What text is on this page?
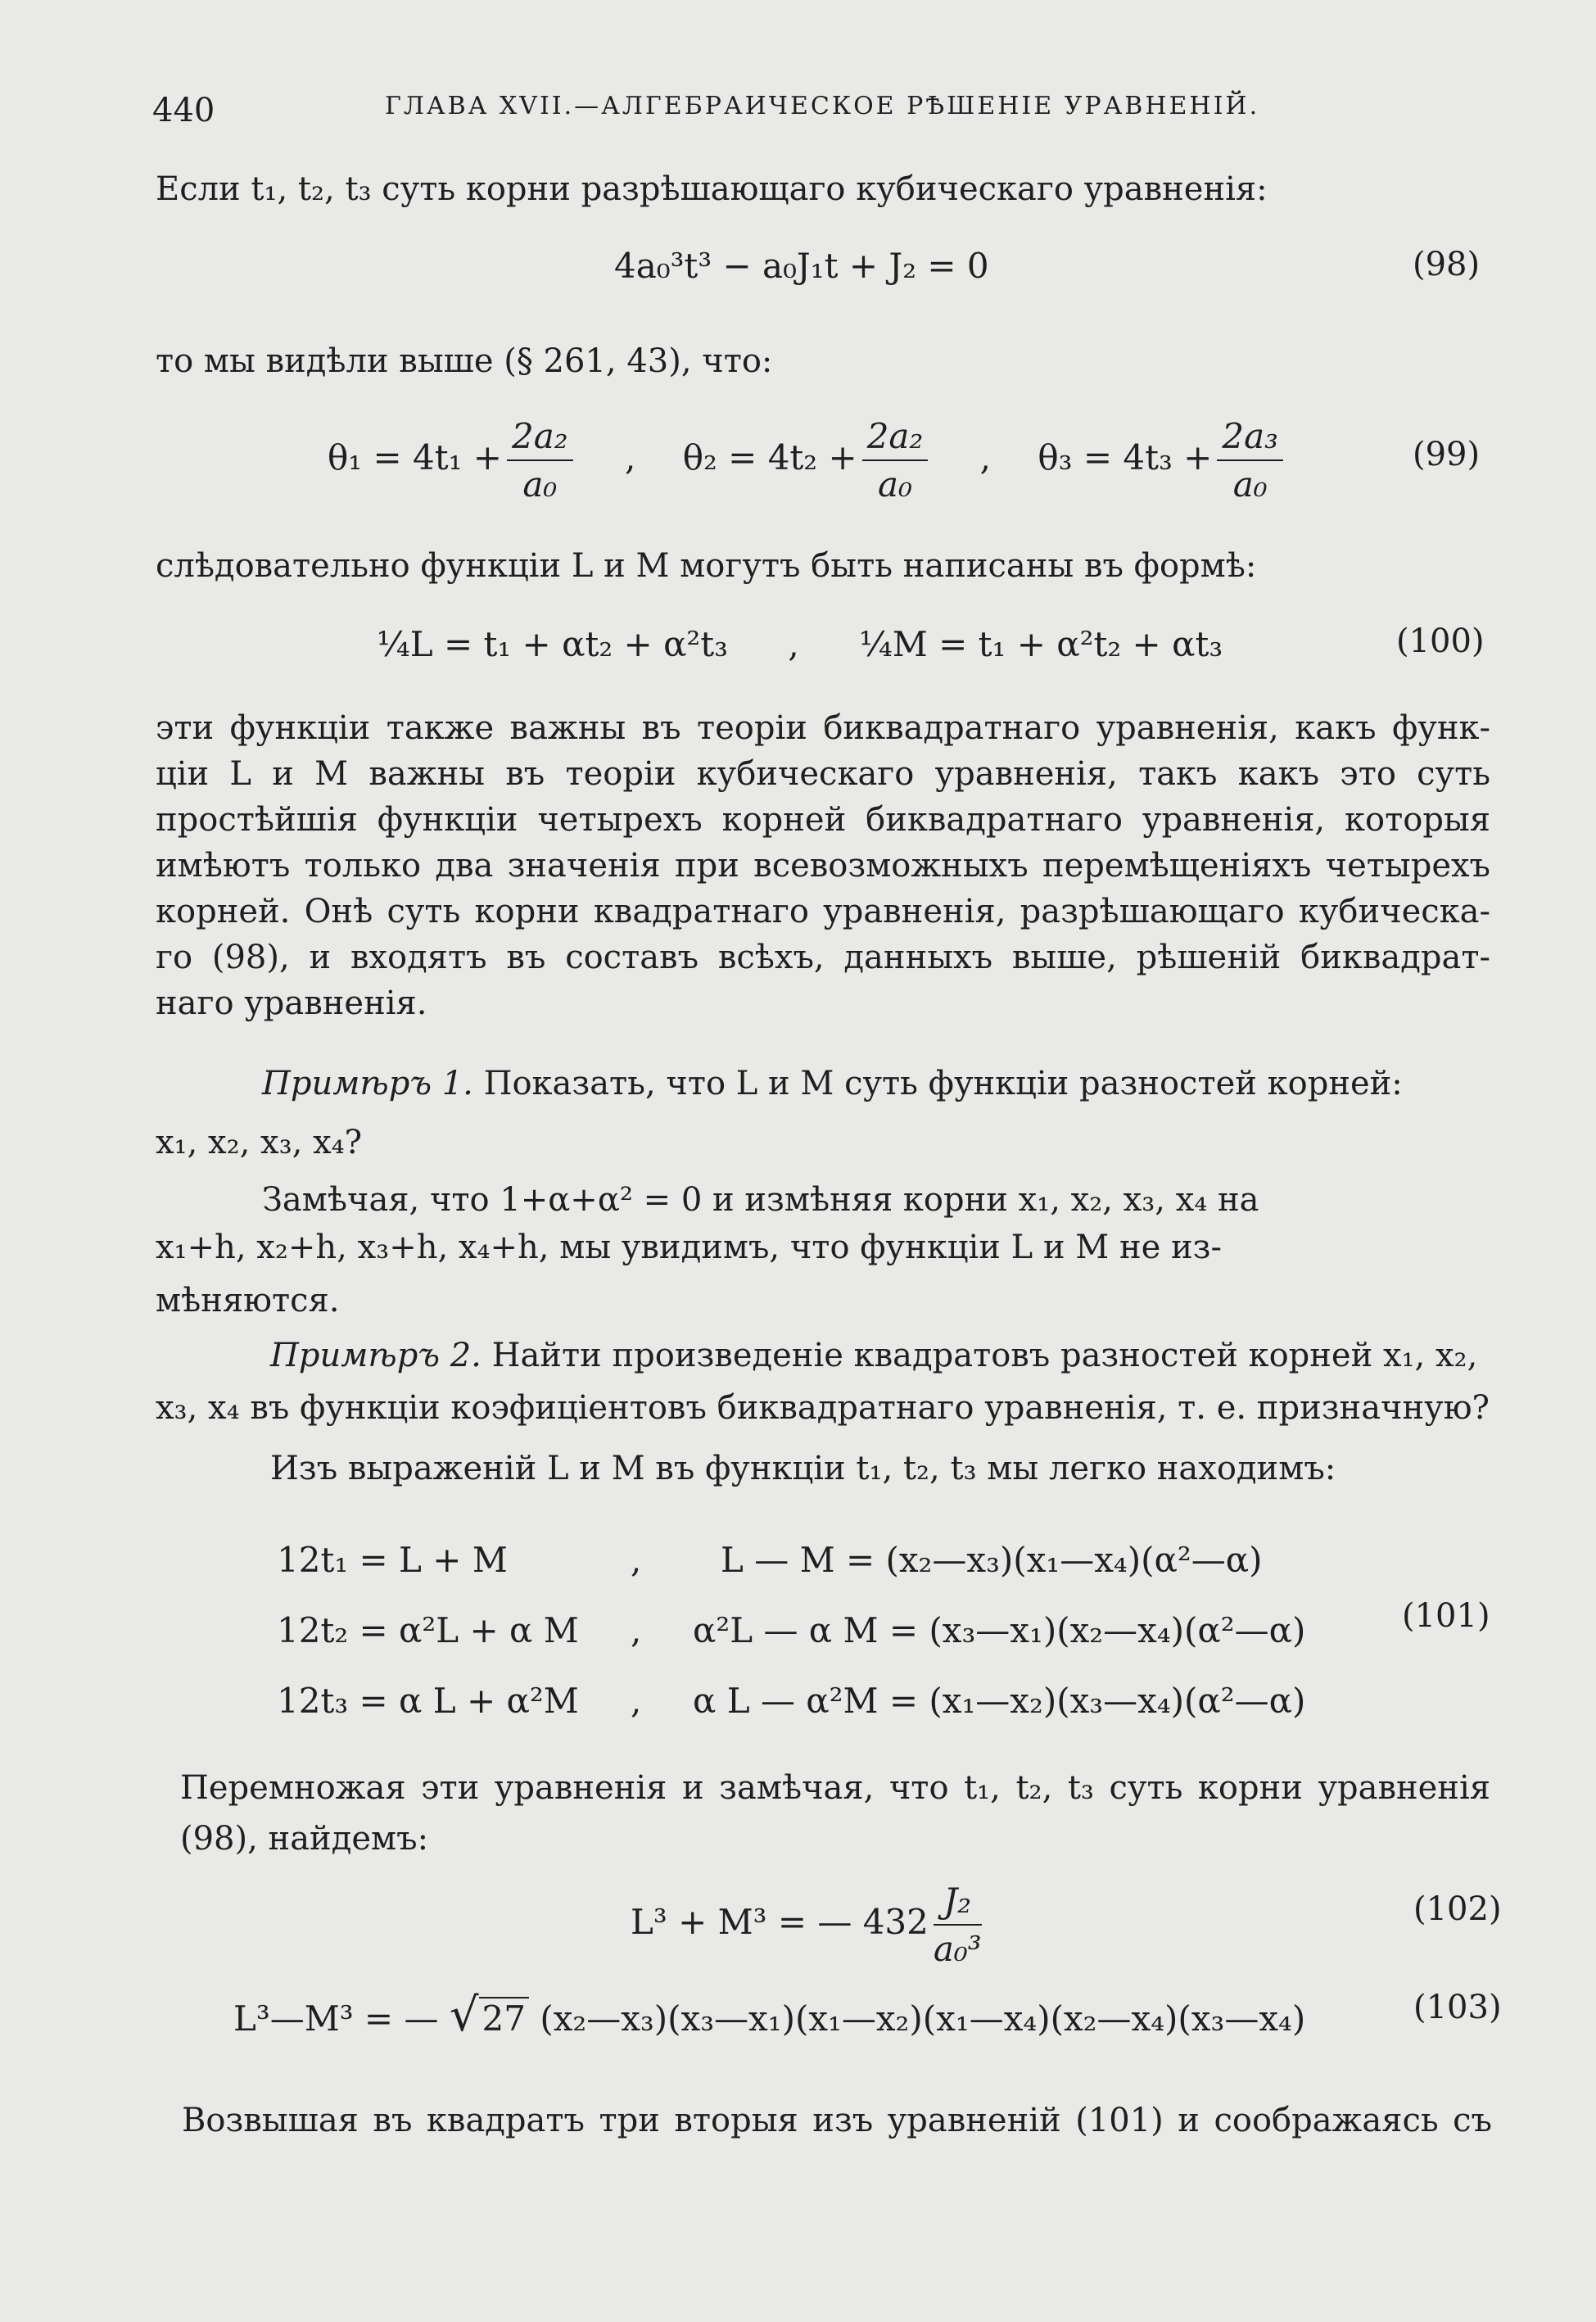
440	ГЛАВА XVII.—АЛГЕБРАИЧЕСКОЕ РѢШЕНІЕ УРАВНЕНІЙ.
Если t₁, t₂, t₃ суть корни разрѣшающаго кубическаго уравненія:
4a₀³t³ − a₀J₁t + J₂ = 0	(98)
то мы видѣли выше (§ 261, 43), что:
$\theta_1 = 4t_1 + \frac{\text{2a₂}}{\text{a₀}}$ , $\theta_2 = 4t_2 + \frac{\text{2a₂}}{\text{a₀}}$ , $\theta_3 = 4t_3 + \frac{\text{2a₃}}{\text{a₀}}$	(99)
слѣдовательно функціи L и M могутъ быть написаны въ формѣ:
¼L = t₁ + αt₂ + α²t₃ , ¼M = t₁ + α²t₂ + αt₃	(100)
эти функціи также важны въ теоріи биквадратнаго уравненія, какъ функ-
ціи L и M важны въ теоріи кубическаго уравненія, такъ какъ это суть
простѣйшія функціи четырехъ корней биквадратнаго уравненія, которыя
имѣютъ только два значенія при всевозможныхъ перемѣщеніяхъ четырехъ
корней. Онѣ суть корни квадратнаго уравненія, разрѣшающаго кубическа-
го (98), и входятъ въ составъ всѣхъ, данныхъ выше, рѣшеній биквадрат-
наго уравненія.
Примѣръ 1. Показать, что L и M суть функціи разностей корней:
x₁, x₂, x₃, x₄?
Замѣчая, что 1+α+α² = 0 и измѣняя корни x₁, x₂, x₃, x₄ на
x₁+h, x₂+h, x₃+h, x₄+h, мы увидимъ, что функціи L и M не из-
мѣняются.
Примѣръ 2. Найти произведеніе квадратовъ разностей корней x₁, x₂,
x₃, x₄ въ функціи коэфиціентовъ биквадратнаго уравненія, т. е. призначную?
Изъ выраженій L и M въ функціи t₁, t₂, t₃ мы легко находимъ:
12t₁ = L + M	, L — M = (x₂—x₃)(x₁—x₄)(α²—α)
12t₂ = α²L + α M , α²L — α M = (x₃—x₁)(x₂—x₄)(α²—α)	(101)
12t₃ = α L + α²M , α L — α²M = (x₁—x₂)(x₃—x₄)(α²—α)
Перемножая эти уравненія и замѣчая, что t₁, t₂, t₃ суть корни уравненія
(98), найдемъ:
L³ + M³ = — $432 \frac{\text{J₂}}{\text{a₀³}}$	(102)
L³—M³ = — √27 (x₂—x₃)(x₃—x₁)(x₁—x₂)(x₁—x₄)(x₂—x₄)(x₃—x₄)	(103)
Возвышая въ квадратъ три вторыя изъ уравненій (101) и соображаясь съ
